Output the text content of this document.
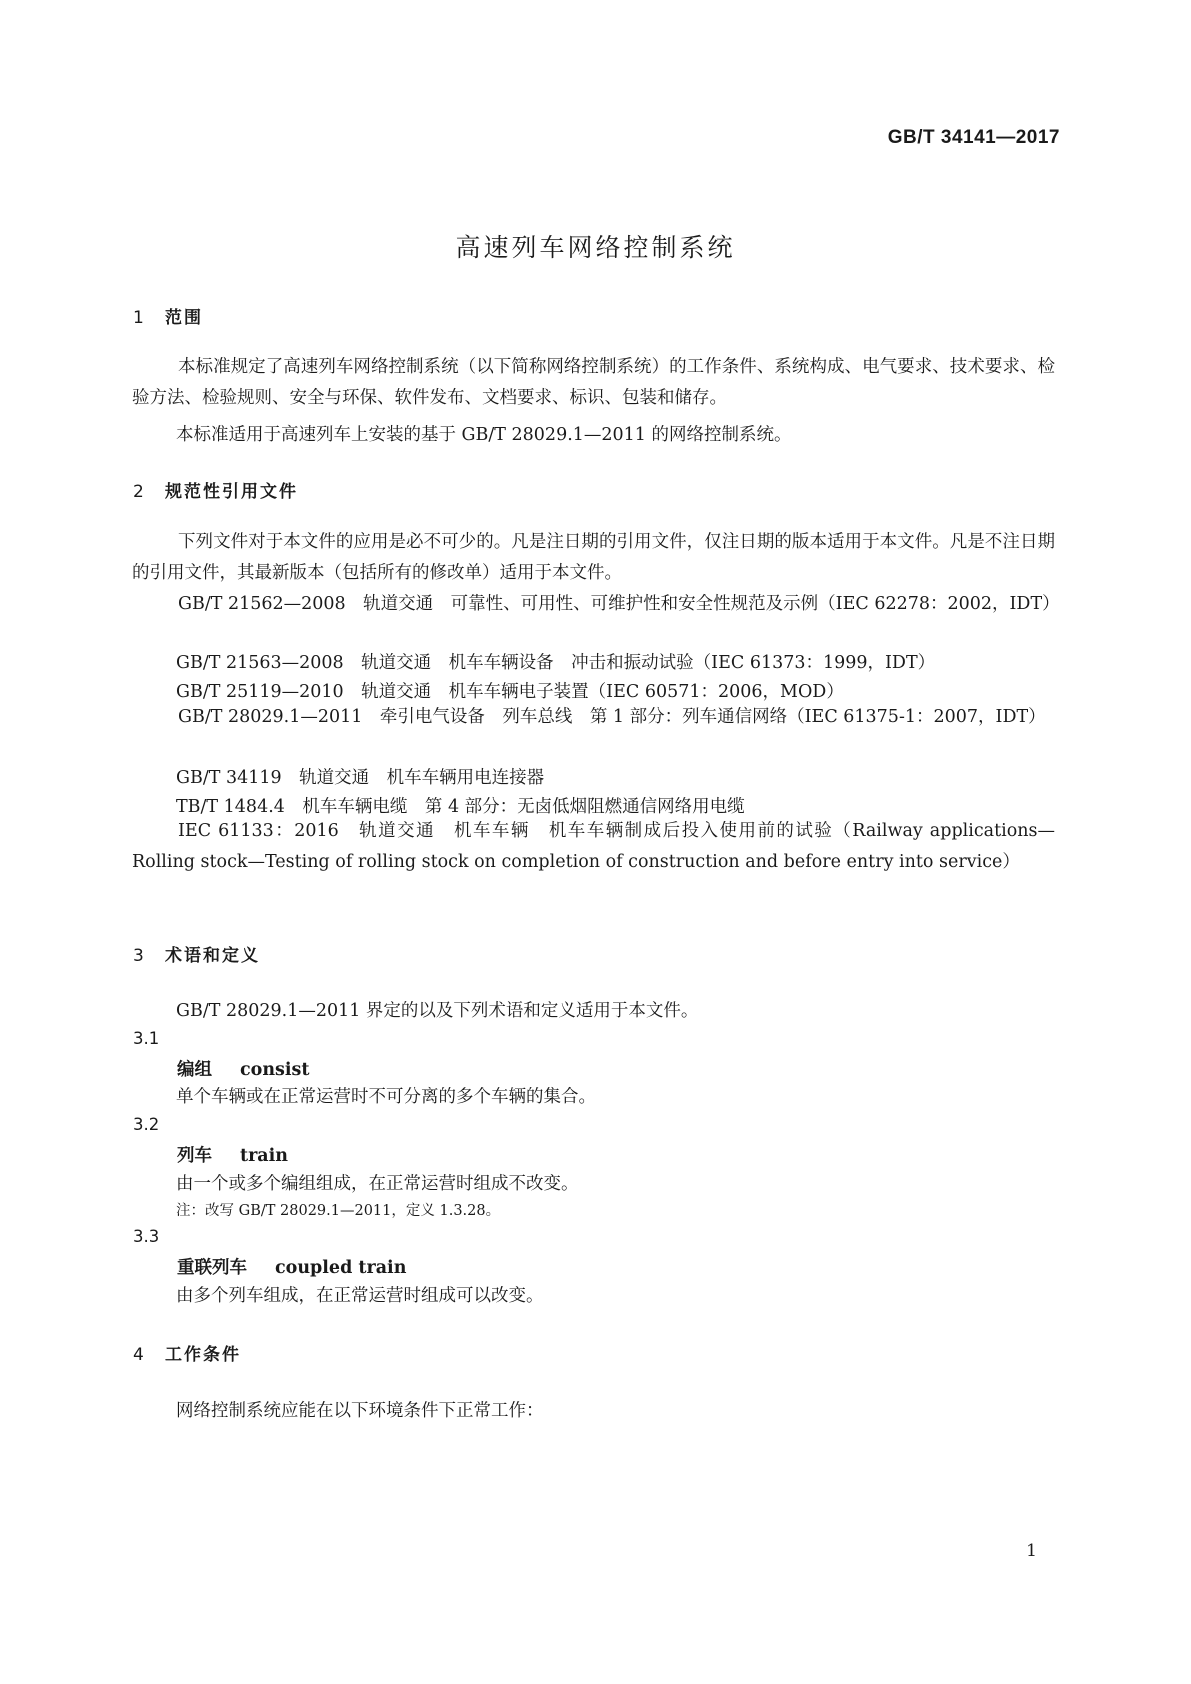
GB/T 34141—2017
高速列车网络控制系统
1 范围
本标准规定了高速列车网络控制系统（以下简称网络控制系统）的工作条件、系统构成、电气要求、技术要求、检验方法、检验规则、安全与环保、软件发布、文档要求、标识、包装和储存。
本标准适用于高速列车上安装的基于 GB/T 28029.1—2011 的网络控制系统。
2 规范性引用文件
下列文件对于本文件的应用是必不可少的。凡是注日期的引用文件，仅注日期的版本适用于本文件。凡是不注日期的引用文件，其最新版本（包括所有的修改单）适用于本文件。
GB/T 21562—2008　轨道交通　可靠性、可用性、可维护性和安全性规范及示例（IEC 62278：2002，IDT）
GB/T 21563—2008　轨道交通　机车车辆设备　冲击和振动试验（IEC 61373：1999，IDT）
GB/T 25119—2010　轨道交通　机车车辆电子装置（IEC 60571：2006，MOD）
GB/T 28029.1—2011　牵引电气设备　列车总线　第 1 部分：列车通信网络（IEC 61375-1：2007，IDT）
GB/T 34119　轨道交通　机车车辆用电连接器
TB/T 1484.4　机车车辆电缆　第 4 部分：无卤低烟阻燃通信网络用电缆
IEC 61133：2016　轨道交通　机车车辆　机车车辆制成后投入使用前的试验（Railway applications—Rolling stock—Testing of rolling stock on completion of construction and before entry into service）
3 术语和定义
GB/T 28029.1—2011 界定的以及下列术语和定义适用于本文件。
3.1
编组 consist
单个车辆或在正常运营时不可分离的多个车辆的集合。
3.2
列车 train
由一个或多个编组组成，在正常运营时组成不改变。
注：改写 GB/T 28029.1—2011，定义 1.3.28。
3.3
重联列车 coupled train
由多个列车组成，在正常运营时组成可以改变。
4 工作条件
网络控制系统应能在以下环境条件下正常工作：
1
